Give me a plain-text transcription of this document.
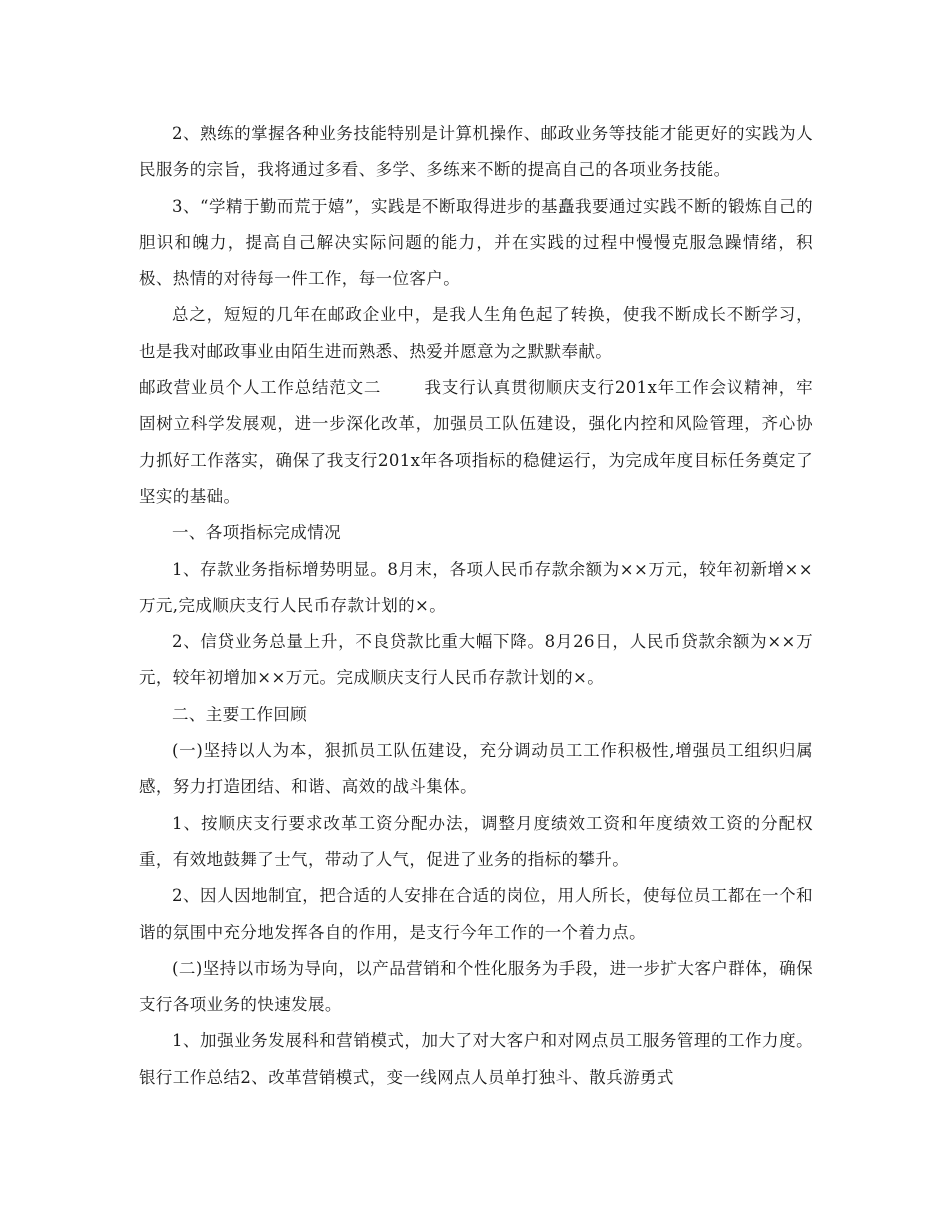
2、熟练的掌握各种业务技能特别是计算机操作、邮政业务等技能才能更好的实践为人民服务的宗旨，我将通过多看、多学、多练来不断的提高自己的各项业务技能。

3、“学精于勤而荒于嬉”，实践是不断取得进步的基矗我要通过实践不断的锻炼自己的胆识和魄力，提高自己解决实际问题的能力，并在实践的过程中慢慢克服急躁情绪，积极、热情的对待每一件工作，每一位客户。

总之，短短的几年在邮政企业中，是我人生角色起了转换，使我不断成长不断学习，也是我对邮政事业由陌生进而熟悉、热爱并愿意为之默默奉献。

邮政营业员个人工作总结范文二	我支行认真贯彻顺庆支行201x年工作会议精神，牢固树立科学发展观，进一步深化改革，加强员工队伍建设，强化内控和风险管理，齐心协力抓好工作落实，确保了我支行201x年各项指标的稳健运行，为完成年度目标任务奠定了坚实的基础。

一、各项指标完成情况

1、存款业务指标增势明显。8月末，各项人民币存款余额为××万元，较年初新增××万元,完成顺庆支行人民币存款计划的×。

2、信贷业务总量上升，不良贷款比重大幅下降。8月26日，人民币贷款余额为××万元，较年初增加××万元。完成顺庆支行人民币存款计划的×。

二、主要工作回顾

(一)坚持以人为本，狠抓员工队伍建设，充分调动员工工作积极性,增强员工组织归属感，努力打造团结、和谐、高效的战斗集体。

1、按顺庆支行要求改革工资分配办法，调整月度绩效工资和年度绩效工资的分配权重，有效地鼓舞了士气，带动了人气，促进了业务的指标的攀升。

2、因人因地制宜，把合适的人安排在合适的岗位，用人所长，使每位员工都在一个和谐的氛围中充分地发挥各自的作用，是支行今年工作的一个着力点。

(二)坚持以市场为导向，以产品营销和个性化服务为手段，进一步扩大客户群体，确保支行各项业务的快速发展。

1、加强业务发展科和营销模式，加大了对大客户和对网点员工服务管理的工作力度。银行工作总结2、改革营销模式，变一线网点人员单打独斗、散兵游勇式
